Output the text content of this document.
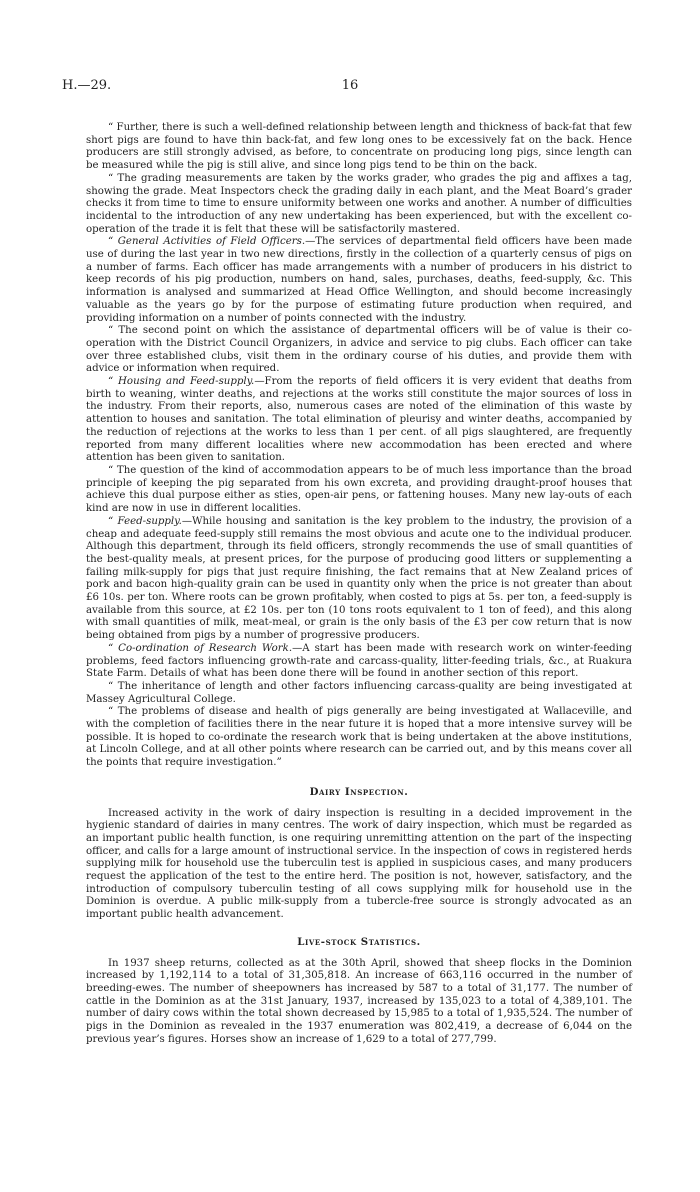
H.—29.	16

“ Further, there is such a well-defined relationship between length and thickness of back-fat that few short pigs are found to have thin back-fat, and few long ones to be excessively fat on the back. Hence producers are still strongly advised, as before, to concentrate on producing long pigs, since length can be measured while the pig is still alive, and since long pigs tend to be thin on the back.

“ The grading measurements are taken by the works grader, who grades the pig and affixes a tag, showing the grade. Meat Inspectors check the grading daily in each plant, and the Meat Board’s grader checks it from time to time to ensure uniformity between one works and another. A number of difficulties incidental to the introduction of any new undertaking has been experienced, but with the excellent co-operation of the trade it is felt that these will be satisfactorily mastered.

“ General Activities of Field Officers.—The services of departmental field officers have been made use of during the last year in two new directions, firstly in the collection of a quarterly census of pigs on a number of farms. Each officer has made arrangements with a number of producers in his district to keep records of his pig production, numbers on hand, sales, purchases, deaths, feed-supply, &c. This information is analysed and summarized at Head Office Wellington, and should become increasingly valuable as the years go by for the purpose of estimating future production when required, and providing information on a number of points connected with the industry.

“ The second point on which the assistance of departmental officers will be of value is their co-operation with the District Council Organizers, in advice and service to pig clubs. Each officer can take over three established clubs, visit them in the ordinary course of his duties, and provide them with advice or information when required.

“ Housing and Feed-supply.—From the reports of field officers it is very evident that deaths from birth to weaning, winter deaths, and rejections at the works still constitute the major sources of loss in the industry. From their reports, also, numerous cases are noted of the elimination of this waste by attention to houses and sanitation. The total elimination of pleurisy and winter deaths, accompanied by the reduction of rejections at the works to less than 1 per cent. of all pigs slaughtered, are frequently reported from many different localities where new accommodation has been erected and where attention has been given to sanitation.

“ The question of the kind of accommodation appears to be of much less importance than the broad principle of keeping the pig separated from his own excreta, and providing draught-proof houses that achieve this dual purpose either as sties, open-air pens, or fattening houses. Many new lay-outs of each kind are now in use in different localities.

“ Feed-supply.—While housing and sanitation is the key problem to the industry, the provision of a cheap and adequate feed-supply still remains the most obvious and acute one to the individual producer. Although this department, through its field officers, strongly recommends the use of small quantities of the best-quality meals, at present prices, for the purpose of producing good litters or supplementing a failing milk-supply for pigs that just require finishing, the fact remains that at New Zealand prices of pork and bacon high-quality grain can be used in quantity only when the price is not greater than about £6 10s. per ton. Where roots can be grown profitably, when costed to pigs at 5s. per ton, a feed-supply is available from this source, at £2 10s. per ton (10 tons roots equivalent to 1 ton of feed), and this along with small quantities of milk, meat-meal, or grain is the only basis of the £3 per cow return that is now being obtained from pigs by a number of progressive producers.

“ Co-ordination of Research Work.—A start has been made with research work on winter-feeding problems, feed factors influencing growth-rate and carcass-quality, litter-feeding trials, &c., at Ruakura State Farm. Details of what has been done there will be found in another section of this report.

“ The inheritance of length and other factors influencing carcass-quality are being investigated at Massey Agricultural College.

“ The problems of disease and health of pigs generally are being investigated at Wallaceville, and with the completion of facilities there in the near future it is hoped that a more intensive survey will be possible. It is hoped to co-ordinate the research work that is being undertaken at the above institutions, at Lincoln College, and at all other points where research can be carried out, and by this means cover all the points that require investigation.”

Dairy Inspection.

Increased activity in the work of dairy inspection is resulting in a decided improvement in the hygienic standard of dairies in many centres. The work of dairy inspection, which must be regarded as an important public health function, is one requiring unremitting attention on the part of the inspecting officer, and calls for a large amount of instructional service. In the inspection of cows in registered herds supplying milk for household use the tuberculin test is applied in suspicious cases, and many producers request the application of the test to the entire herd. The position is not, however, satisfactory, and the introduction of compulsory tuberculin testing of all cows supplying milk for household use in the Dominion is overdue. A public milk-supply from a tubercle-free source is strongly advocated as an important public health advancement.

Live-stock Statistics.

In 1937 sheep returns, collected as at the 30th April, showed that sheep flocks in the Dominion increased by 1,192,114 to a total of 31,305,818. An increase of 663,116 occurred in the number of breeding-ewes. The number of sheepowners has increased by 587 to a total of 31,177. The number of cattle in the Dominion as at the 31st January, 1937, increased by 135,023 to a total of 4,389,101. The number of dairy cows within the total shown decreased by 15,985 to a total of 1,935,524. The number of pigs in the Dominion as revealed in the 1937 enumeration was 802,419, a decrease of 6,044 on the previous year’s figures. Horses show an increase of 1,629 to a total of 277,799.
